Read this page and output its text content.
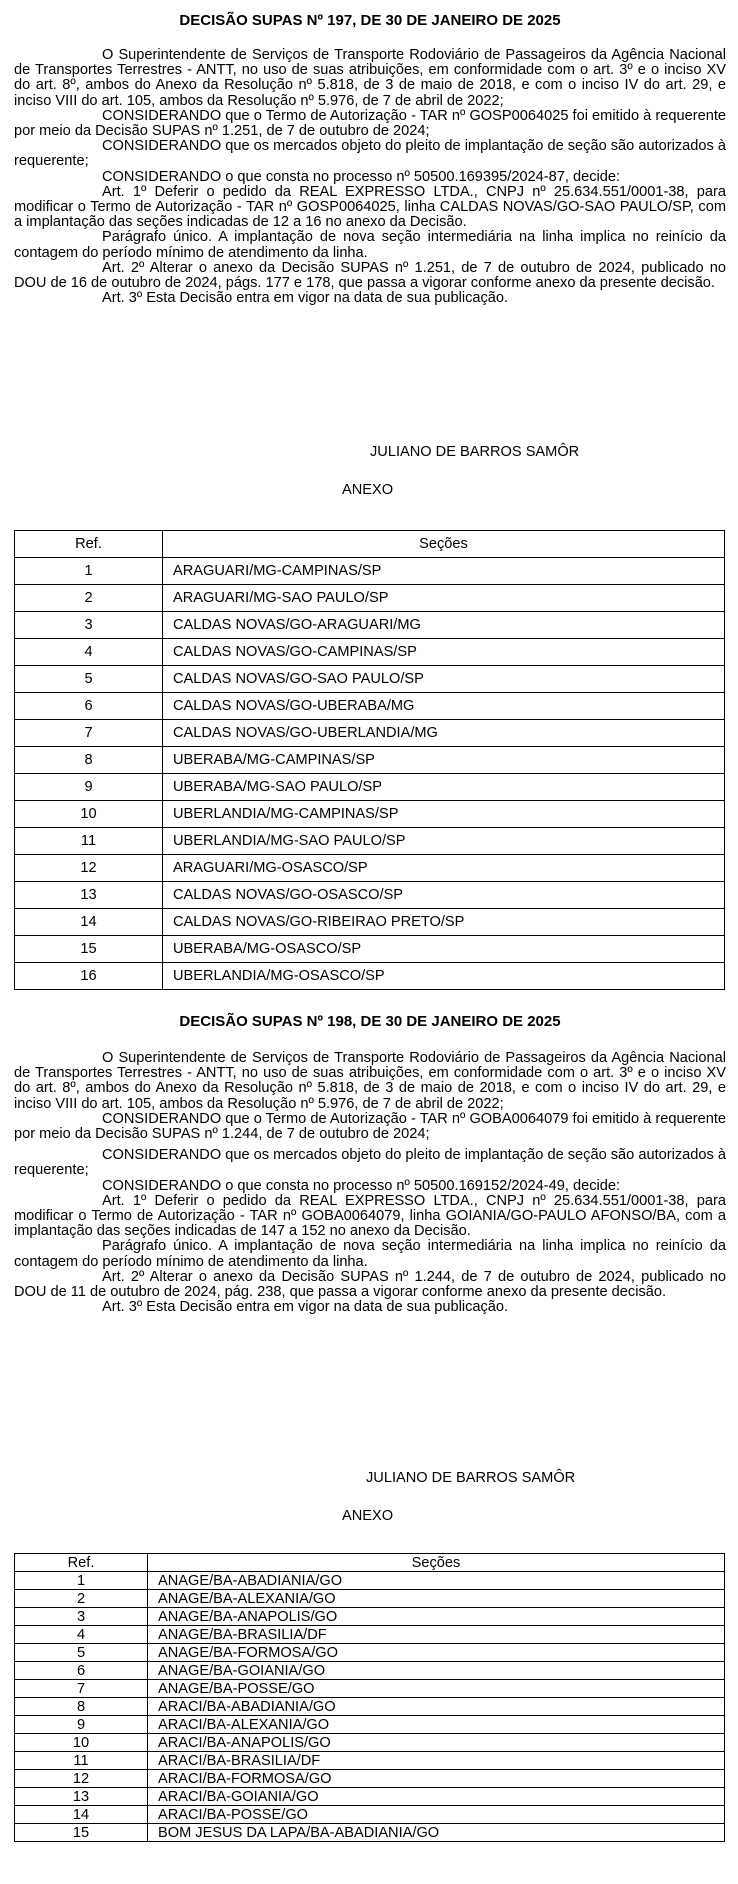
DECISÃO SUPAS Nº 197, DE 30 DE JANEIRO DE 2025

O Superintendente de Serviços de Transporte Rodoviário de Passageiros da Agência Nacional de Transportes Terrestres - ANTT, no uso de suas atribuições, em conformidade com o art. 3º e o inciso XV do art. 8º, ambos do Anexo da Resolução nº 5.818, de 3 de maio de 2018, e com o inciso IV do art. 29, e inciso VIII do art. 105, ambos da Resolução nº 5.976, de 7 de abril de 2022;

CONSIDERANDO que o Termo de Autorização - TAR nº GOSP0064025 foi emitido à requerente por meio da Decisão SUPAS nº 1.251, de 7 de outubro de 2024;

CONSIDERANDO que os mercados objeto do pleito de implantação de seção são autorizados à requerente;

CONSIDERANDO o que consta no processo nº 50500.169395/2024-87, decide:

Art. 1º Deferir o pedido da REAL EXPRESSO LTDA., CNPJ nº 25.634.551/0001-38, para modificar o Termo de Autorização - TAR nº GOSP0064025, linha CALDAS NOVAS/GO-SAO PAULO/SP, com a implantação das seções indicadas de 12 a 16 no anexo da Decisão.

Parágrafo único. A implantação de nova seção intermediária na linha implica no reinício da contagem do período mínimo de atendimento da linha.

Art. 2º Alterar o anexo da Decisão SUPAS nº 1.251, de 7 de outubro de 2024, publicado no DOU de 16 de outubro de 2024, págs. 177 e 178, que passa a vigorar conforme anexo da presente decisão.

Art. 3º Esta Decisão entra em vigor na data de sua publicação.

JULIANO DE BARROS SAMÔR
ANEXO
Ref.	Seções
1	ARAGUARI/MG-CAMPINAS/SP
2	ARAGUARI/MG-SAO PAULO/SP
3	CALDAS NOVAS/GO-ARAGUARI/MG
4	CALDAS NOVAS/GO-CAMPINAS/SP
5	CALDAS NOVAS/GO-SAO PAULO/SP
6	CALDAS NOVAS/GO-UBERABA/MG
7	CALDAS NOVAS/GO-UBERLANDIA/MG
8	UBERABA/MG-CAMPINAS/SP
9	UBERABA/MG-SAO PAULO/SP
10	UBERLANDIA/MG-CAMPINAS/SP
11	UBERLANDIA/MG-SAO PAULO/SP
12	ARAGUARI/MG-OSASCO/SP
13	CALDAS NOVAS/GO-OSASCO/SP
14	CALDAS NOVAS/GO-RIBEIRAO PRETO/SP
15	UBERABA/MG-OSASCO/SP
16	UBERLANDIA/MG-OSASCO/SP
DECISÃO SUPAS Nº 198, DE 30 DE JANEIRO DE 2025

O Superintendente de Serviços de Transporte Rodoviário de Passageiros da Agência Nacional de Transportes Terrestres - ANTT, no uso de suas atribuições, em conformidade com o art. 3º e o inciso XV do art. 8º, ambos do Anexo da Resolução nº 5.818, de 3 de maio de 2018, e com o inciso IV do art. 29, e inciso VIII do art. 105, ambos da Resolução nº 5.976, de 7 de abril de 2022;

CONSIDERANDO que o Termo de Autorização - TAR nº GOBA0064079 foi emitido à requerente por meio da Decisão SUPAS nº 1.244, de 7 de outubro de 2024;

CONSIDERANDO que os mercados objeto do pleito de implantação de seção são autorizados à requerente;

CONSIDERANDO o que consta no processo nº 50500.169152/2024-49, decide:

Art. 1º Deferir o pedido da REAL EXPRESSO LTDA., CNPJ nº 25.634.551/0001-38, para modificar o Termo de Autorização - TAR nº GOBA0064079, linha GOIANIA/GO-PAULO AFONSO/BA, com a implantação das seções indicadas de 147 a 152 no anexo da Decisão.

Parágrafo único. A implantação de nova seção intermediária na linha implica no reinício da contagem do período mínimo de atendimento da linha.

Art. 2º Alterar o anexo da Decisão SUPAS nº 1.244, de 7 de outubro de 2024, publicado no DOU de 11 de outubro de 2024, pág. 238, que passa a vigorar conforme anexo da presente decisão.

Art. 3º Esta Decisão entra em vigor na data de sua publicação.

JULIANO DE BARROS SAMÔR
ANEXO
Ref.	Seções
1	ANAGE/BA-ABADIANIA/GO
2	ANAGE/BA-ALEXANIA/GO
3	ANAGE/BA-ANAPOLIS/GO
4	ANAGE/BA-BRASILIA/DF
5	ANAGE/BA-FORMOSA/GO
6	ANAGE/BA-GOIANIA/GO
7	ANAGE/BA-POSSE/GO
8	ARACI/BA-ABADIANIA/GO
9	ARACI/BA-ALEXANIA/GO
10	ARACI/BA-ANAPOLIS/GO
11	ARACI/BA-BRASILIA/DF
12	ARACI/BA-FORMOSA/GO
13	ARACI/BA-GOIANIA/GO
14	ARACI/BA-POSSE/GO
15	BOM JESUS DA LAPA/BA-ABADIANIA/GO
